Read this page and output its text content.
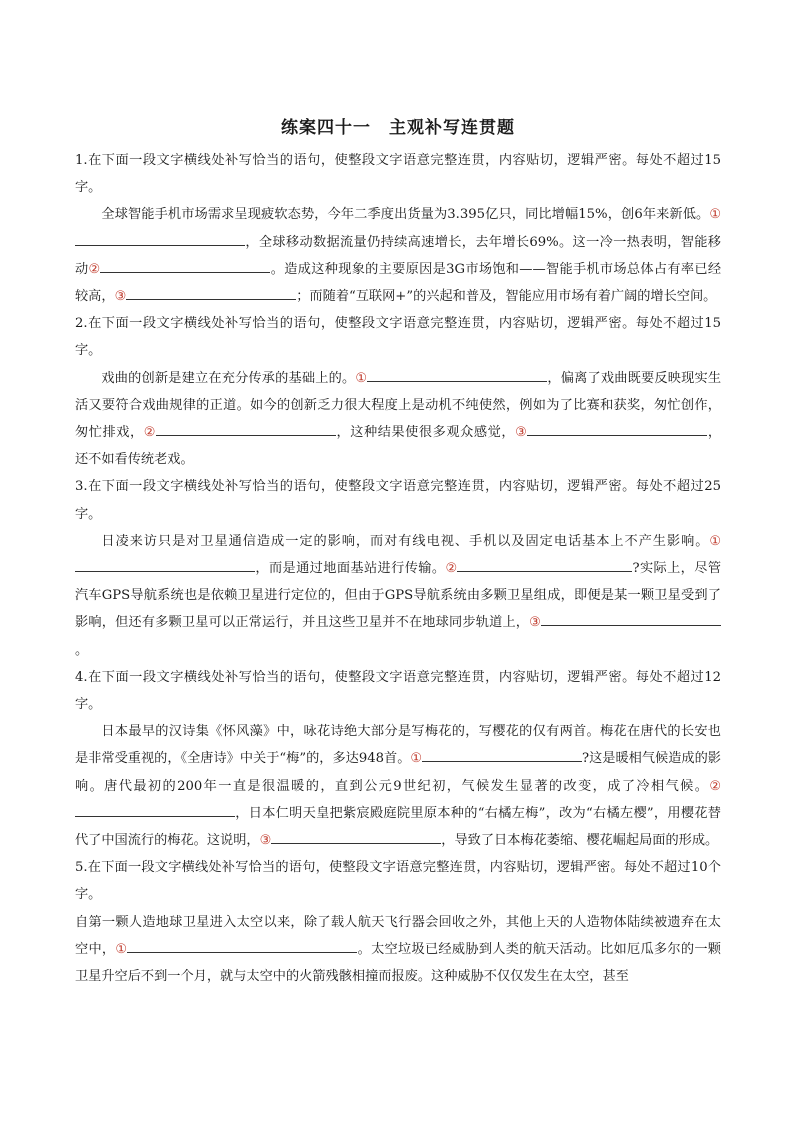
练案四十一　主观补写连贯题

1.在下面一段文字横线处补写恰当的语句，使整段文字语意完整连贯，内容贴切，逻辑严密。每处不超过15字。

全球智能手机市场需求呈现疲软态势，今年二季度出货量为3.395亿只，同比增幅15%，创6年来新低。①，全球移动数据流量仍持续高速增长，去年增长69%。这一冷一热表明，智能移动②	。造成这种现象的主要原因是3G市场饱和——智能手机市场总体占有率已经较高，③	；而随着“互联网+”的兴起和普及，智能应用市场有着广阔的增长空间。

2.在下面一段文字横线处补写恰当的语句，使整段文字语意完整连贯，内容贴切，逻辑严密。每处不超过15字。

戏曲的创新是建立在充分传承的基础上的。①	，偏离了戏曲既要反映现实生活又要符合戏曲规律的正道。如今的创新乏力很大程度上是动机不纯使然，例如为了比赛和获奖，匆忙创作，匆忙排戏，②	，这种结果使很多观众感觉，③	，还不如看传统老戏。

3.在下面一段文字横线处补写恰当的语句，使整段文字语意完整连贯，内容贴切，逻辑严密。每处不超过25字。

日凌来访只是对卫星通信造成一定的影响，而对有线电视、手机以及固定电话基本上不产生影响。①，而是通过地面基站进行传输。②	?实际上，尽管汽车GPS导航系统也是依赖卫星进行定位的，但由于GPS导航系统由多颗卫星组成，即便是某一颗卫星受到了影响，但还有多颗卫星可以正常运行，并且这些卫星并不在地球同步轨道上，③。

4.在下面一段文字横线处补写恰当的语句，使整段文字语意完整连贯，内容贴切，逻辑严密。每处不超过12字。

日本最早的汉诗集《怀风藻》中，咏花诗绝大部分是写梅花的，写樱花的仅有两首。梅花在唐代的长安也是非常受重视的，《全唐诗》中关于“梅”的，多达948首。①	?这是暖相气候造成的影响。唐代最初的200年一直是很温暖的，直到公元9世纪初，气候发生显著的改变，成了冷相气候。②，日本仁明天皇把紫宸殿庭院里原本种的“右橘左梅”，改为“右橘左樱”，用樱花替代了中国流行的梅花。这说明，③	，导致了日本梅花萎缩、樱花崛起局面的形成。

5.在下面一段文字横线处补写恰当的语句，使整段文字语意完整连贯，内容贴切，逻辑严密。每处不超过10个字。

自第一颗人造地球卫星进入太空以来，除了载人航天飞行器会回收之外，其他上天的人造物体陆续被遗弃在太空中，①	。太空垃圾已经威胁到人类的航天活动。比如厄瓜多尔的一颗卫星升空后不到一个月，就与太空中的火箭残骸相撞而报废。这种威胁不仅仅发生在太空，甚至
